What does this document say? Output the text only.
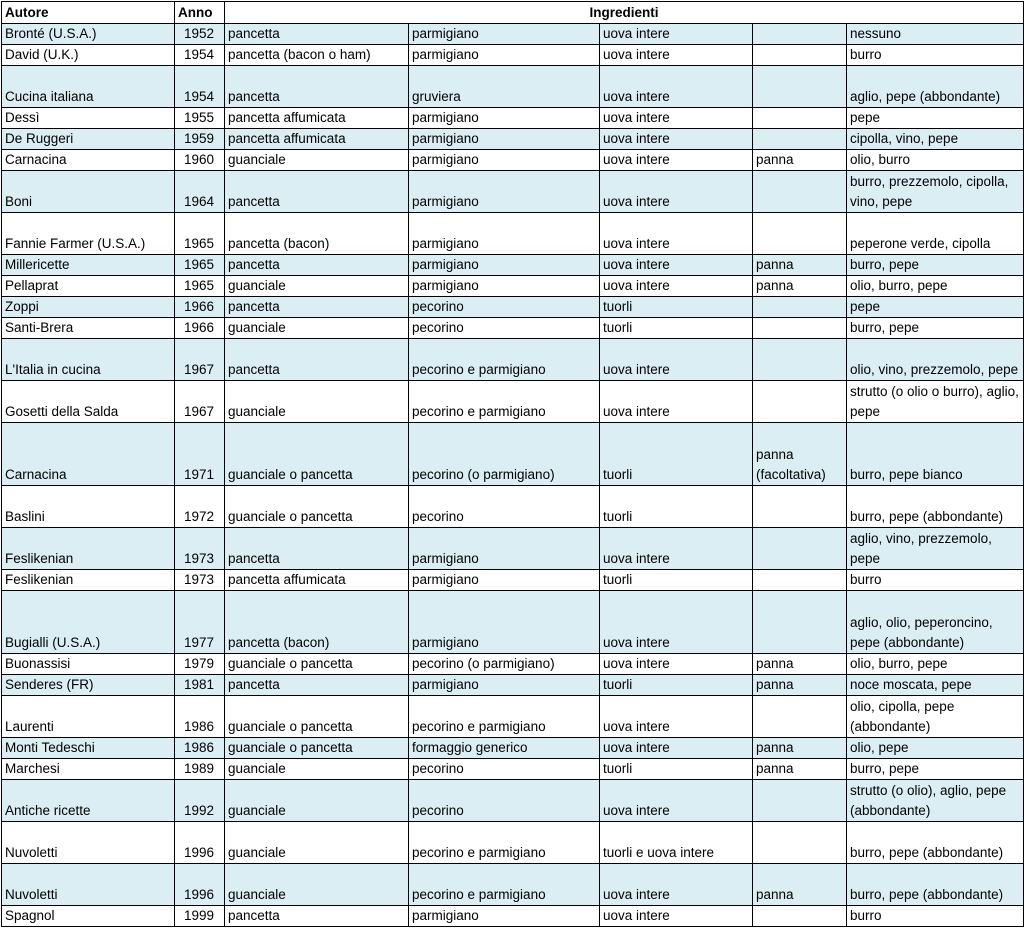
Autore	Anno	Ingredienti				
Bronté (U.S.A.)	1952	pancetta	parmigiano	uova intere		nessuno
David (U.K.)	1954	pancetta (bacon o ham)	parmigiano	uova intere		burro
Cucina italiana	1954	pancetta	gruviera	uova intere		aglio, pepe (abbondante)
Dessì	1955	pancetta affumicata	parmigiano	uova intere		pepe
De Ruggeri	1959	pancetta affumicata	parmigiano	uova intere		cipolla, vino, pepe
Carnacina	1960	guanciale	parmigiano	uova intere	panna	olio, burro
Boni	1964	pancetta	parmigiano	uova intere		burro, prezzemolo, cipolla, vino, pepe
Fannie Farmer (U.S.A.)	1965	pancetta (bacon)	parmigiano	uova intere		peperone verde, cipolla
Millericette	1965	pancetta	parmigiano	uova intere	panna	burro, pepe
Pellaprat	1965	guanciale	parmigiano	uova intere	panna	olio, burro, pepe
Zoppi	1966	pancetta	pecorino	tuorli		pepe
Santi-Brera	1966	guanciale	pecorino	tuorli		burro, pepe
L'Italia in cucina	1967	pancetta	pecorino e parmigiano	uova intere		olio, vino, prezzemolo, pepe
Gosetti della Salda	1967	guanciale	pecorino e parmigiano	uova intere		strutto (o olio o burro), aglio, pepe
Carnacina	1971	guanciale o pancetta	pecorino (o parmigiano)	tuorli	panna (facoltativa)	burro, pepe bianco
Baslini	1972	guanciale o pancetta	pecorino	tuorli		burro, pepe (abbondante)
Feslikenian	1973	pancetta	parmigiano	uova intere		aglio, vino, prezzemolo, pepe
Feslikenian	1973	pancetta affumicata	parmigiano	tuorli		burro
Bugialli (U.S.A.)	1977	pancetta (bacon)	parmigiano	uova intere		aglio, olio, peperoncino, pepe (abbondante)
Buonassisi	1979	guanciale o pancetta	pecorino (o parmigiano)	uova intere	panna	olio, burro, pepe
Senderes (FR)	1981	pancetta	parmigiano	tuorli	panna	noce moscata, pepe
Laurenti	1986	guanciale o pancetta	pecorino e parmigiano	uova intere		olio, cipolla, pepe (abbondante)
Monti Tedeschi	1986	guanciale o pancetta	formaggio generico	uova intere	panna	olio, pepe
Marchesi	1989	guanciale	pecorino	tuorli	panna	burro, pepe
Antiche ricette	1992	guanciale	pecorino	uova intere		strutto (o olio), aglio, pepe (abbondante)
Nuvoletti	1996	guanciale	pecorino e parmigiano	tuorli e uova intere		burro, pepe (abbondante)
Nuvoletti	1996	guanciale	pecorino e parmigiano	uova intere	panna	burro, pepe (abbondante)
Spagnol	1999	pancetta	parmigiano	uova intere		burro
